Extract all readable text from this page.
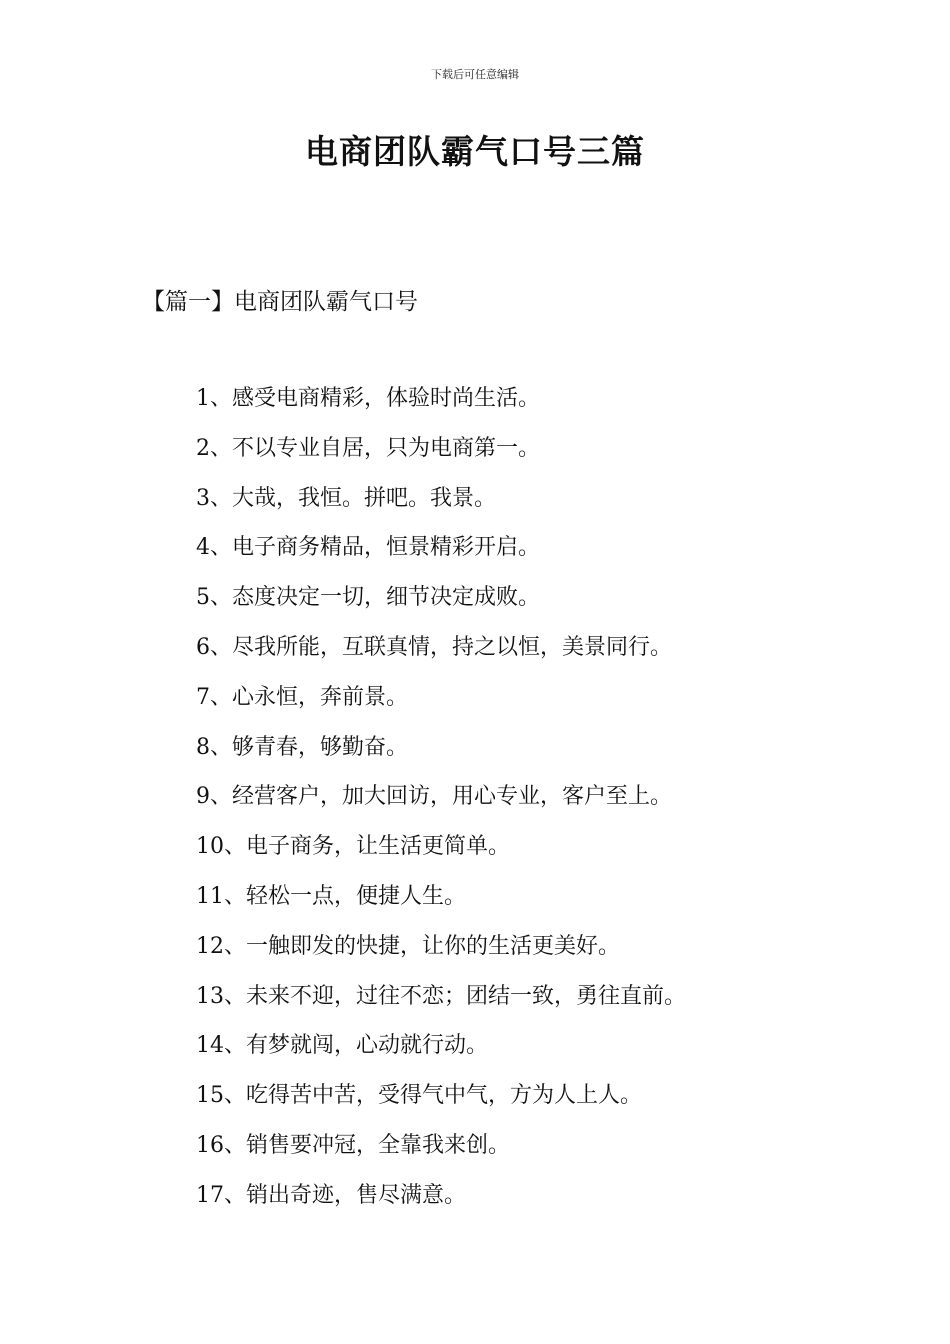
下载后可任意编辑
电商团队霸气口号三篇
【篇一】电商团队霸气口号
1、感受电商精彩，体验时尚生活。
2、不以专业自居，只为电商第一。
3、大哉，我恒。拼吧。我景。
4、电子商务精品，恒景精彩开启。
5、态度决定一切，细节决定成败。
6、尽我所能，互联真情，持之以恒，美景同行。
7、心永恒，奔前景。
8、够青春，够勤奋。
9、经营客户，加大回访，用心专业，客户至上。
10、电子商务，让生活更简单。
11、轻松一点，便捷人生。
12、一触即发的快捷，让你的生活更美好。
13、未来不迎，过往不恋；团结一致，勇往直前。
14、有梦就闯，心动就行动。
15、吃得苦中苦，受得气中气，方为人上人。
16、销售要冲冠，全靠我来创。
17、销出奇迹，售尽满意。
